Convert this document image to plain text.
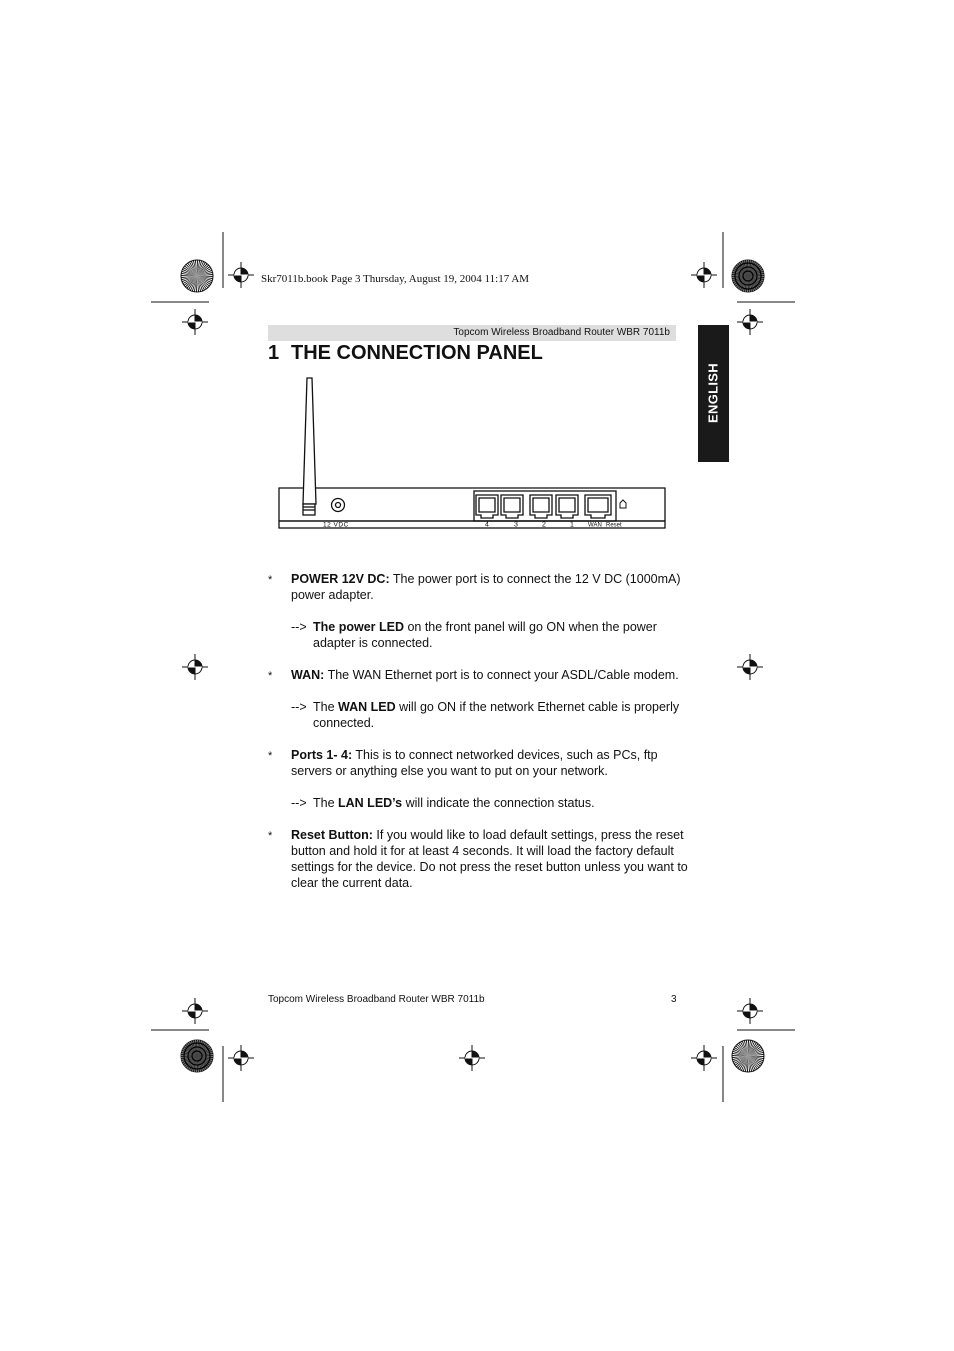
Skr7011b.book Page 3 Thursday, August 19, 2004 11:17 AM
Topcom Wireless Broadband Router WBR 7011b
1 THE CONNECTION PANEL
ENGLISH
12 VDC	4	3	2	1 WAN Reset
* POWER 12V DC: The power port is to connect the 12 V DC (1000mA) power adapter.

--> The power LED on the front panel will go ON when the power adapter is connected.

* WAN: The WAN Ethernet port is to connect your ASDL/Cable modem.

--> The WAN LED will go ON if the network Ethernet cable is properly connected.

* Ports 1- 4: This is to connect networked devices, such as PCs, ftp servers or anything else you want to put on your network.

--> The LAN LED’s will indicate the connection status.

* Reset Button: If you would like to load default settings, press the reset button and hold it for at least 4 seconds. It will load the factory default settings for the device. Do not press the reset button unless you want to clear the current data.

Topcom Wireless Broadband Router WBR 7011b	3
